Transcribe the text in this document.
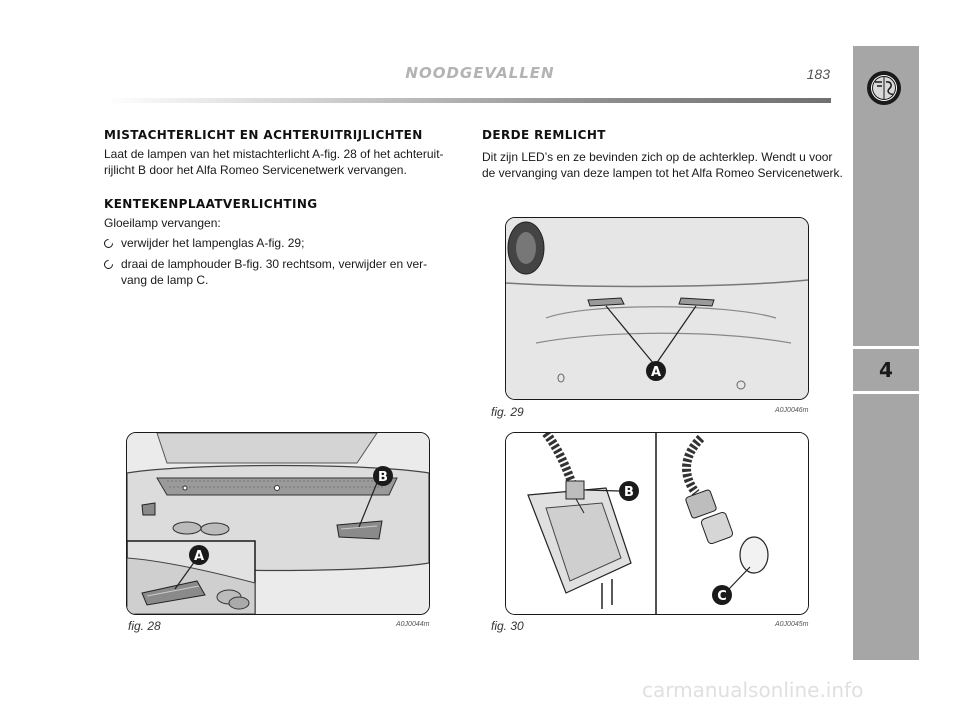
NOODGEVALLEN	183
4
MISTACHTERLICHT EN ACHTERUITRIJLICHTEN

Laat de lampen van het mistachterlicht A-fig. 28 of het achteruit-

rijlicht B door het Alfa Romeo Servicenetwerk vervangen.

KENTEKENPLAATVERLICHTING

Gloeilamp vervangen:

verwijder het lampenglas A-fig. 29;
draai de lamphouder B-fig. 30 rechtsom, verwijder en ver-
vang de lamp C.
DERDE REMLICHT

Dit zijn LED’s en ze bevinden zich op de achterklep. Wendt u voor

de vervanging van deze lampen tot het Alfa Romeo Servicenetwerk.

B
A
fig. 28	A0J0044m
A
fig. 29	A0J0046m
B
C
fig. 30	A0J0045m
carmanualsonline.info
